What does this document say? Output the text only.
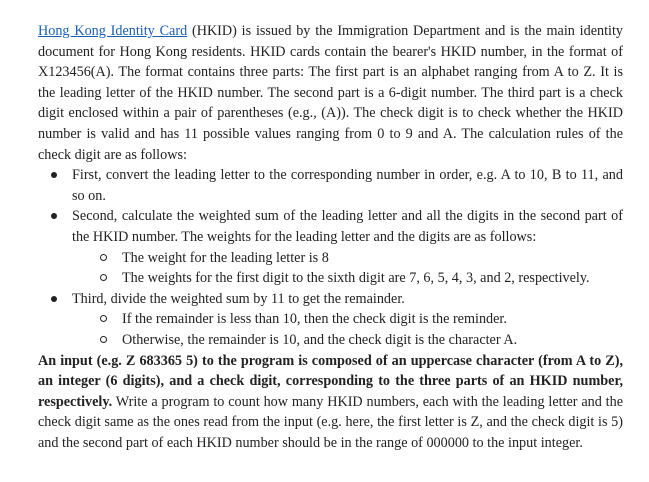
Hong Kong Identity Card (HKID) is issued by the Immigration Department and is the main identity document for Hong Kong residents. HKID cards contain the bearer's HKID number, in the format of X123456(A). The format contains three parts: The first part is an alphabet ranging from A to Z. It is the leading letter of the HKID number. The second part is a 6-digit number. The third part is a check digit enclosed within a pair of parentheses (e.g., (A)). The check digit is to check whether the HKID number is valid and has 11 possible values ranging from 0 to 9 and A. The calculation rules of the check digit are as follows:

First, convert the leading letter to the corresponding number in order, e.g. A to 10, B to 11, and so on.
Second, calculate the weighted sum of the leading letter and all the digits in the second part of the HKID number. The weights for the leading letter and the digits are as follows:
The weight for the leading letter is 8
The weights for the first digit to the sixth digit are 7, 6, 5, 4, 3, and 2, respectively.
Third, divide the weighted sum by 11 to get the remainder.
If the remainder is less than 10, then the check digit is the reminder.
Otherwise, the remainder is 10, and the check digit is the character A.

An input (e.g. Z 683365 5) to the program is composed of an uppercase character (from A to Z), an integer (6 digits), and a check digit, corresponding to the three parts of an HKID number, respectively. Write a program to count how many HKID numbers, each with the leading letter and the check digit same as the ones read from the input (e.g. here, the first letter is Z, and the check digit is 5) and the second part of each HKID number should be in the range of 000000 to the input integer.
